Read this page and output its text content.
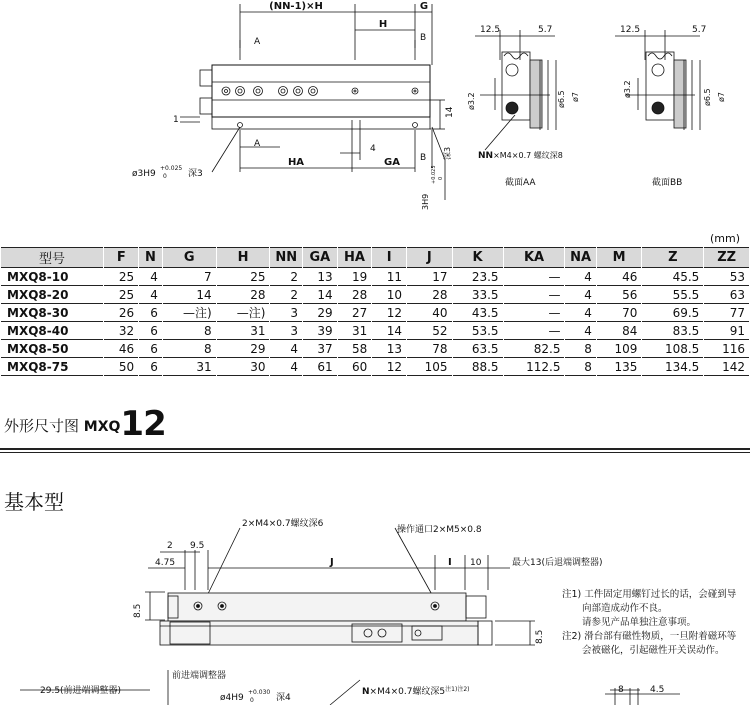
(NN-1)×H
H
G
A	B
1
14
A	4
B
HA	GA
ø3H9
+0.025
0 深3
3H9
+0.025 0
深3
12.5	5.7
ø3.2	ø6.5 ø7
NN×M4×0.7 螺纹深8
截面AA
12.5	5.7
ø3.2	ø6.5 ø7
截面BB
(mm)
型号	F	N	G	H	NN	GA	HA	I	J	K	KA	NA	M	Z	ZZ
MXQ8-10	25	4	7	25	2	13	19	11	17	23.5	—	4	46	45.5	53
MXQ8-20	25	4	14	28	2	14	28	10	28	33.5	—	4	56	55.5	63
MXQ8-30	26	6	—注)	—注)	3	29	27	12	40	43.5	—	4	70	69.5	77
MXQ8-40	32	6	8	31	3	39	31	14	52	53.5	—	4	84	83.5	91
MXQ8-50	46	6	8	29	4	37	58	13	78	63.5	82.5	8	109	108.5	116
MXQ8-75	50	6	31	30	4	61	60	12	105	88.5	112.5	8	135	134.5	142
外形尺寸图 MXQ12
基本型
2×M4×0.7螺纹深6
操作通口2×M5×0.8
2 9.5
4.75	J	I 10	最大13(后退端调整器)
8.5
8.5
前进端调整器
29.5(前进端调整器)
ø4H9
+0.030
0 深4
N×M4×0.7螺纹深$5^{注1)注2)}$	8	4.5
注1) 工件固定用螺钉过长的话，会碰到导
向部造成动作不良。
请参见产品单独注意事项。
注2) 滑台部有磁性物质，一旦附着磁环等
会被磁化，引起磁性开关误动作。
